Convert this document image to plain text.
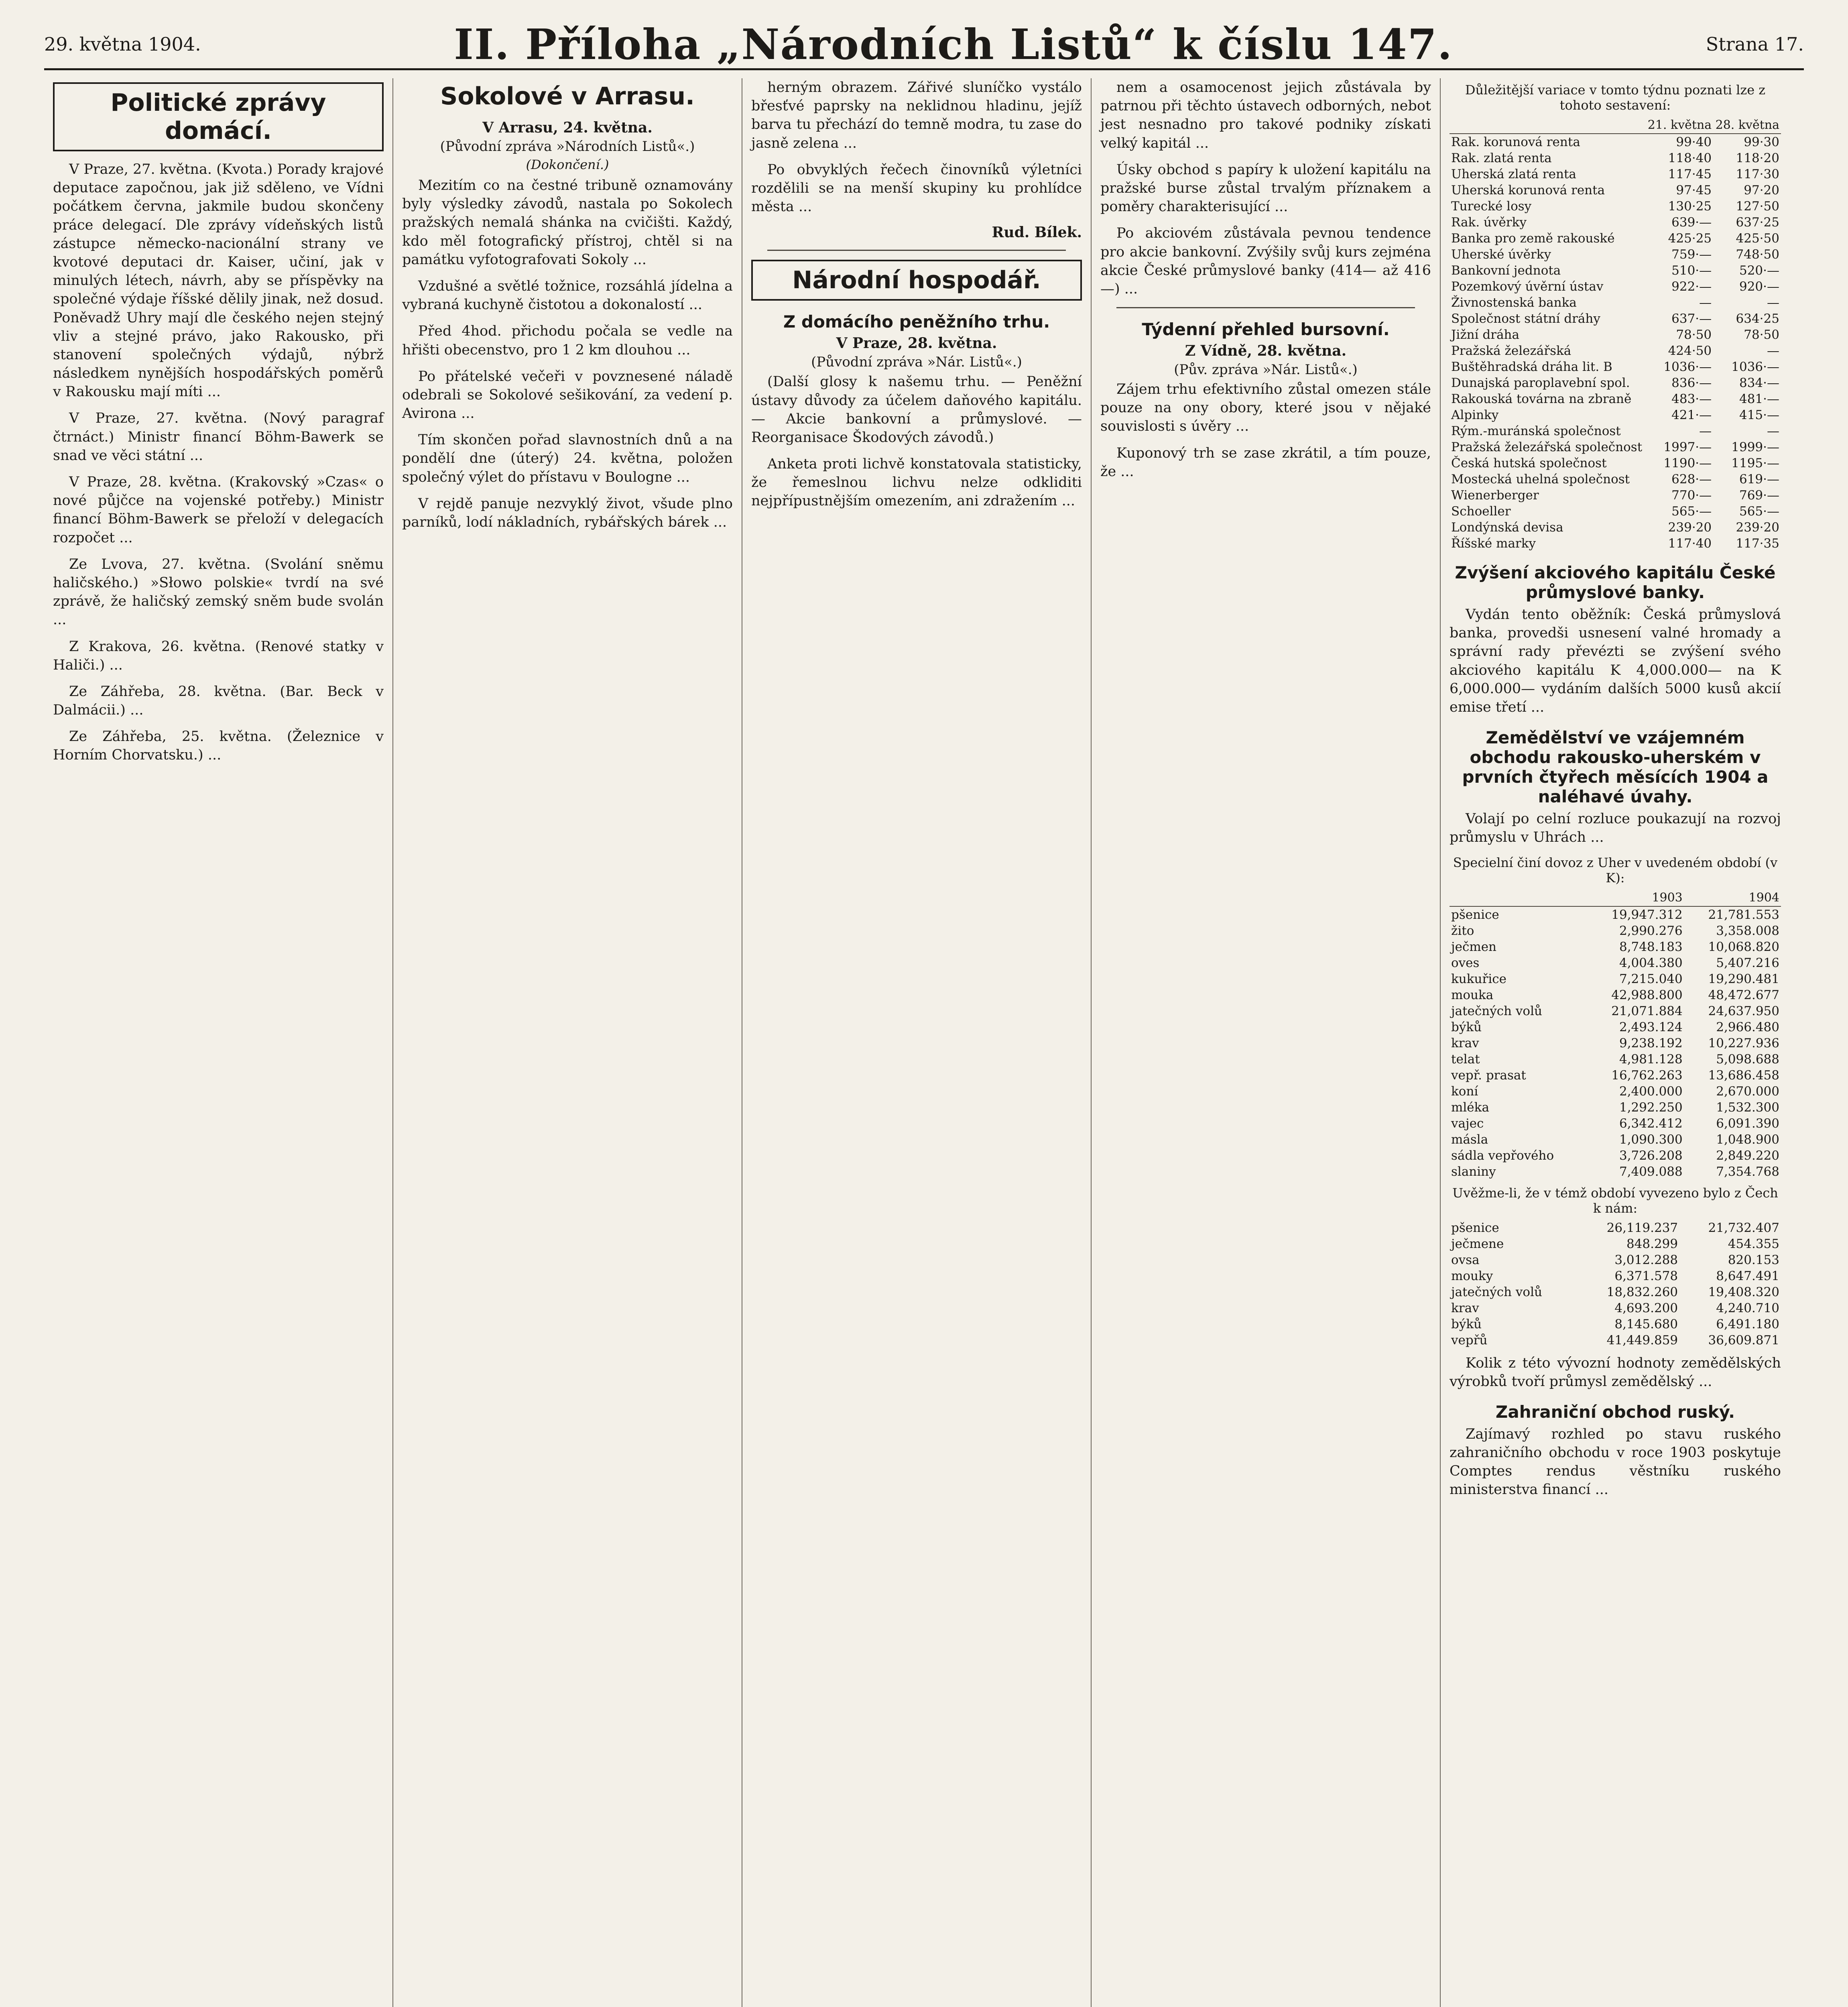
29. května 1904.	II. Příloha „Národních Listů“ k číslu 147.	Strana 17.
Politické zprávy domácí.

V Praze, 27. května. (Kvota.) Porady krajové deputace započnou, jak již sděleno, ve Vídni počátkem června, jakmile budou skončeny práce delegací. Dle zprávy vídeňských listů zástupce německo-nacionální strany ve kvotové deputaci dr. Kaiser, učiní, jak v minulých létech, návrh, aby se příspěvky na společné výdaje říšské dělily jinak, než dosud. Poněvadž Uhry mají dle českého nejen stejný vliv a stejné právo, jako Rakousko, při stanovení společných výdajů, nýbrž následkem nynějších hospodářských poměrů v Rakousku mají míti ...

V Praze, 27. května. (Nový paragraf čtrnáct.) Ministr financí Böhm-Bawerk se snad ve věci státní ...

V Praze, 28. května. (Krakovský »Czas« o nové půjčce na vojenské potřeby.) Ministr financí Böhm-Bawerk se přeloží v delegacích rozpočet ...

Ze Lvova, 27. května. (Svolání sněmu haličského.) »Słowo polskie« tvrdí na své zprávě, že haličský zemský sněm bude svolán ...

Z Krakova, 26. května. (Renové statky v Haliči.) ...

Ze Záhřeba, 28. května. (Bar. Beck v Dalmácii.) ...

Ze Záhřeba, 25. května. (Železnice v Horním Chorvatsku.) ...

Sokolové v Arrasu.
V Arrasu, 24. května.
(Původní zpráva »Národních Listů«.)
(Dokončení.)

Mezitím co na čestné tribuně oznamovány byly výsledky závodů, nastala po Sokolech pražských nemalá shánka na cvičišti. Každý, kdo měl fotografický přístroj, chtěl si na památku vyfotografovati Sokoly ...

Vzdušné a světlé tožnice, rozsáhlá jídelna a vybraná kuchyně čistotou a dokonalostí ...

Před 4hod. přichodu počala se vedle na hřišti obecenstvo, pro 1 2 km dlouhou ...

Po přátelské večeři v povznesené náladě odebrali se Sokolové sešikování, za vedení p. Avirona ...

Tím skončen pořad slavnostních dnů a na pondělí dne (úterý) 24. května, položen společný výlet do přístavu v Boulogne ...

V rejdě panuje nezvyklý život, všude plno parníků, lodí nákladních, rybářských bárek ...

herným obrazem. Zářivé sluníčko vystálo břesťvé paprsky na neklidnou hladinu, jejíž barva tu přechází do temně modra, tu zase do jasně zelena ...

Po obvyklých řečech činovníků výletníci rozdělili se na menší skupiny ku prohlídce města ...

Rud. Bílek.
Národní hospodář.
Z domácího peněžního trhu.
V Praze, 28. května.
(Původní zpráva »Nár. Listů«.)

(Další glosy k našemu trhu. — Peněžní ústavy důvody za účelem daňového kapitálu. — Akcie bankovní a průmyslové. — Reorganisace Škodových závodů.)

Anketa proti lichvě konstatovala statisticky, že řemeslnou lichvu nelze odkliditi nejpřípustnějším omezením, ani zdražením ...

nem a osamocenost jejich zůstávala by patrnou při těchto ústavech odborných, nebot jest nesnadno pro takové podniky získati velký kapitál ...

Úsky obchod s papíry k uložení kapitálu na pražské burse zůstal trvalým příznakem a poměry charakterisující ...

Po akciovém zůstávala pevnou tendence pro akcie bankovní. Zvýšily svůj kurs zejména akcie České průmyslové banky (414— až 416—) ...

Týdenní přehled bursovní.
Z Vídně, 28. května.
(Pův. zpráva »Nár. Listů«.)

Zájem trhu efektivního zůstal omezen stále pouze na ony obory, které jsou v nějaké souvislosti s úvěry ...

Kuponový trh se zase zkrátil, a tím pouze, že ...

Důležitější variace v tomto týdnu poznati lze z tohoto sestavení:
	21. května	28. května
Rak. korunová renta	99·40	99·30
Rak. zlatá renta	118·40	118·20
Uherská zlatá renta	117·45	117·30
Uherská korunová renta	97·45	97·20
Turecké losy	130·25	127·50
Rak. úvěrky	639·—	637·25
Banka pro země rakouské	425·25	425·50
Uherské úvěrky	759·—	748·50
Bankovní jednota	510·—	520·—
Pozemkový úvěrní ústav	922·—	920·—
Živnostenská banka	—	—
Společnost státní dráhy	637·—	634·25
Jižní dráha	78·50	78·50
Pražská železářská	424·50	—
Buštěhradská dráha lit. B	1036·—	1036·—
Dunajská paroplavební spol.	836·—	834·—
Rakouská továrna na zbraně	483·—	481·—
Alpinky	421·—	415·—
Rým.-muránská společnost	—	—
Pražská železářská společnost	1997·—	1999·—
Česká hutská společnost	1190·—	1195·—
Mostecká uhelná společnost	628·—	619·—
Wienerberger	770·—	769·—
Schoeller	565·—	565·—
Londýnská devisa	239·20	239·20
Říšské marky	117·40	117·35
Zvýšení akciového kapitálu České průmyslové banky.

Vydán tento oběžník: Česká průmyslová banka, provedši usnesení valné hromady a správní rady převézti se zvýšení svého akciového kapitálu K 4,000.000— na K 6,000.000— vydáním dalších 5000 kusů akcií emise třetí ...

Zemědělství ve vzájemném obchodu rakousko-uherském v prvních čtyřech měsících 1904 a naléhavé úvahy.

Volají po celní rozluce poukazují na rozvoj průmyslu v Uhrách ...

Specielní činí dovoz z Uher v uvedeném období (v K):
	1903	1904
pšenice	19,947.312	21,781.553
žito	2,990.276	3,358.008
ječmen	8,748.183	10,068.820
oves	4,004.380	5,407.216
kukuřice	7,215.040	19,290.481
mouka	42,988.800	48,472.677
jatečných volů	21,071.884	24,637.950
býků	2,493.124	2,966.480
krav	9,238.192	10,227.936
telat	4,981.128	5,098.688
vepř. prasat	16,762.263	13,686.458
koní	2,400.000	2,670.000
mléka	1,292.250	1,532.300
vajec	6,342.412	6,091.390
másla	1,090.300	1,048.900
sádla vepřového	3,726.208	2,849.220
slaniny	7,409.088	7,354.768
Uvěžme-li, že v témž období vyvezeno bylo z Čech k nám:
pšenice	26,119.237	21,732.407
ječmene	848.299	454.355
ovsa	3,012.288	820.153
mouky	6,371.578	8,647.491
jatečných volů	18,832.260	19,408.320
krav	4,693.200	4,240.710
býků	8,145.680	6,491.180
vepřů	41,449.859	36,609.871

Kolik z této vývozní hodnoty zemědělských výrobků tvoří průmysl zemědělský ...

Zahraniční obchod ruský.

Zajímavý rozhled po stavu ruského zahraničního obchodu v roce 1903 poskytuje Comptes rendus věstníku ruského ministerstva financí ...
